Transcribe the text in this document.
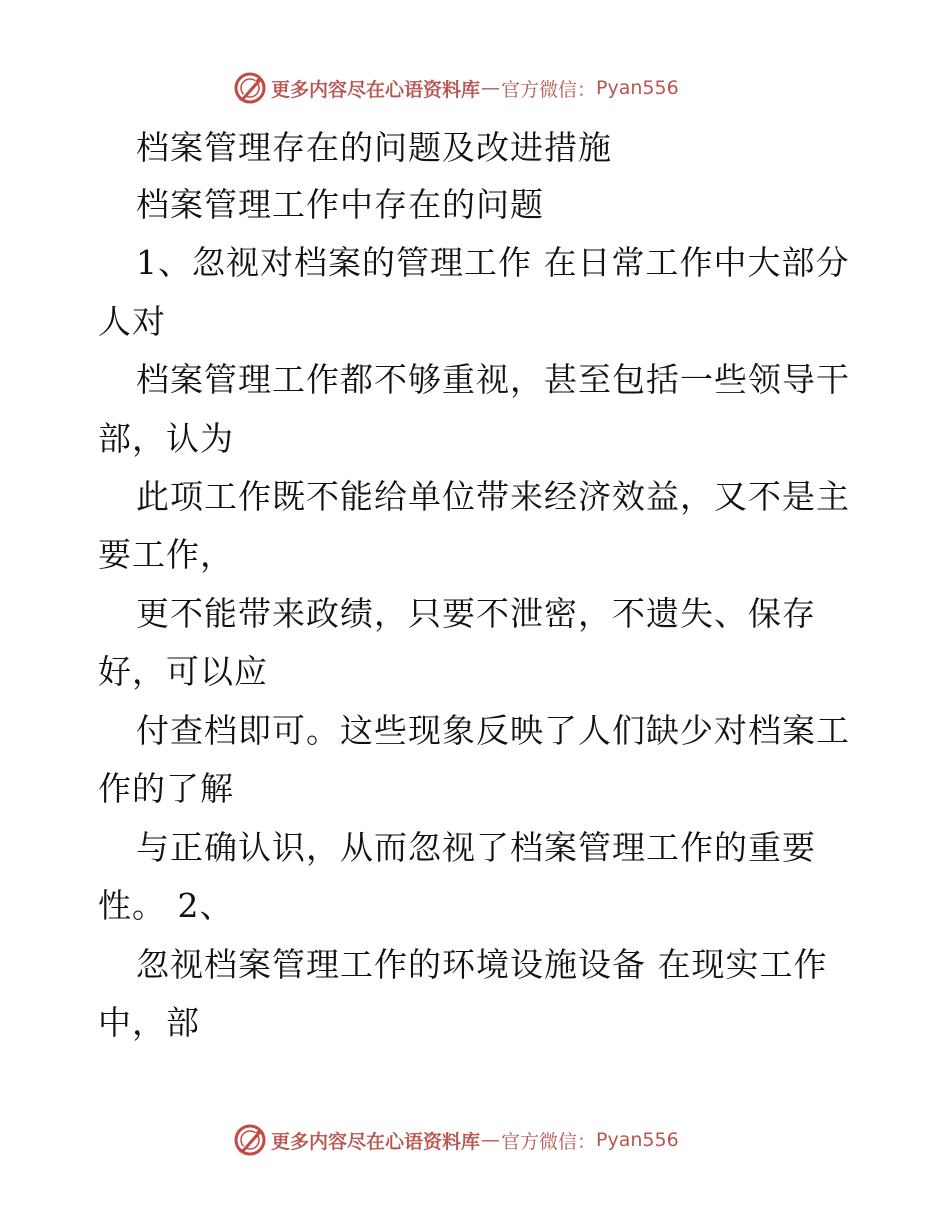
更多内容尽在心语资料库 — 官方微信： Pyan556
档案管理存在的问题及改进措施
档案管理工作中存在的问题
1、忽视对档案的管理工作 在日常工作中大部分
人对
档案管理工作都不够重视，甚至包括一些领导干
部，认为
此项工作既不能给单位带来经济效益，又不是主
要工作，
更不能带来政绩，只要不泄密，不遗失、保存
好，可以应
付查档即可。这些现象反映了人们缺少对档案工
作的了解
与正确认识，从而忽视了档案管理工作的重要
性。 2、
忽视档案管理工作的环境设施设备 在现实工作
中，部
更多内容尽在心语资料库 — 官方微信： Pyan556
